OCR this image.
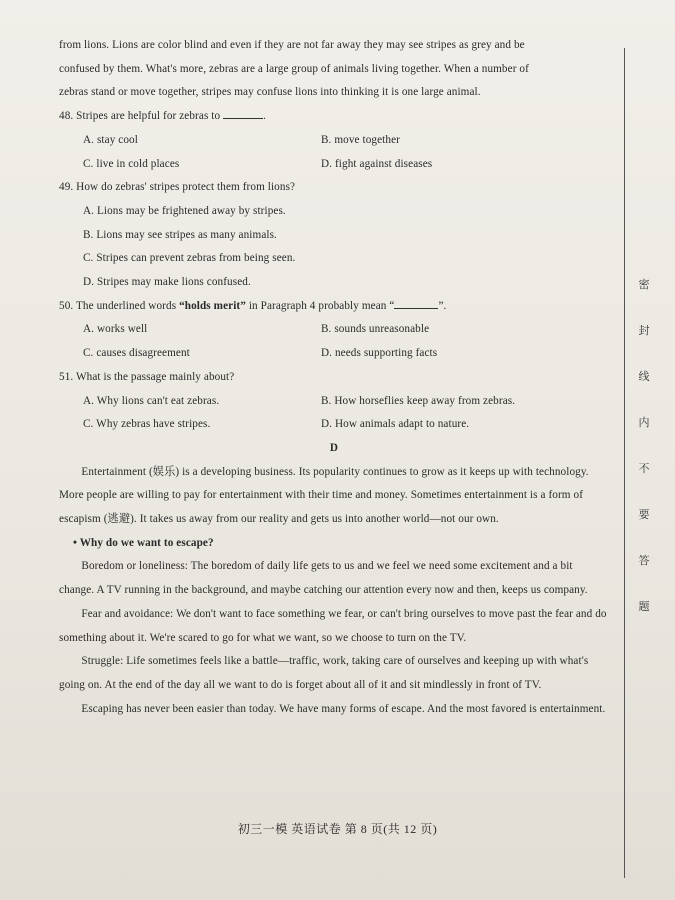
from lions. Lions are color blind and even if they are not far away they may see stripes as grey and be

confused by them. What's more, zebras are a large group of animals living together. When a number of

zebras stand or move together, stripes may confuse lions into thinking it is one large animal.

48. Stripes are helpful for zebras to	.

A. stay cool	B. move together
C. live in cold places	D. fight against diseases

49. How do zebras' stripes protect them from lions?

A. Lions may be frightened away by stripes.

B. Lions may see stripes as many animals.

C. Stripes can prevent zebras from being seen.

D. Stripes may make lions confused.

50. The underlined words “holds merit” in Paragraph 4 probably mean “	”.

A. works well	B. sounds unreasonable
C. causes disagreement	D. needs supporting facts

51. What is the passage mainly about?

A. Why lions can't eat zebras.	B. How horseflies keep away from zebras.
C. Why zebras have stripes.	D. How animals adapt to nature.

D

Entertainment (娱乐) is a developing business. Its popularity continues to grow as it keeps up with technology. More people are willing to pay for entertainment with their time and money. Sometimes entertainment is a form of escapism (逃避). It takes us away from our reality and gets us into another world—not our own.

• Why do we want to escape?

Boredom or loneliness: The boredom of daily life gets to us and we feel we need some excitement and a bit change. A TV running in the background, and maybe catching our attention every now and then, keeps us company.

Fear and avoidance: We don't want to face something we fear, or can't bring ourselves to move past the fear and do something about it. We're scared to go for what we want, so we choose to turn on the TV.

Struggle: Life sometimes feels like a battle—traffic, work, taking care of ourselves and keeping up with what's going on. At the end of the day all we want to do is forget about all of it and sit mindlessly in front of TV.

Escaping has never been easier than today. We have many forms of escape. And the most favored is entertainment.

初三一模 英语试卷 第 8 页(共 12 页)
密
封
线
内
不
要
答
题
